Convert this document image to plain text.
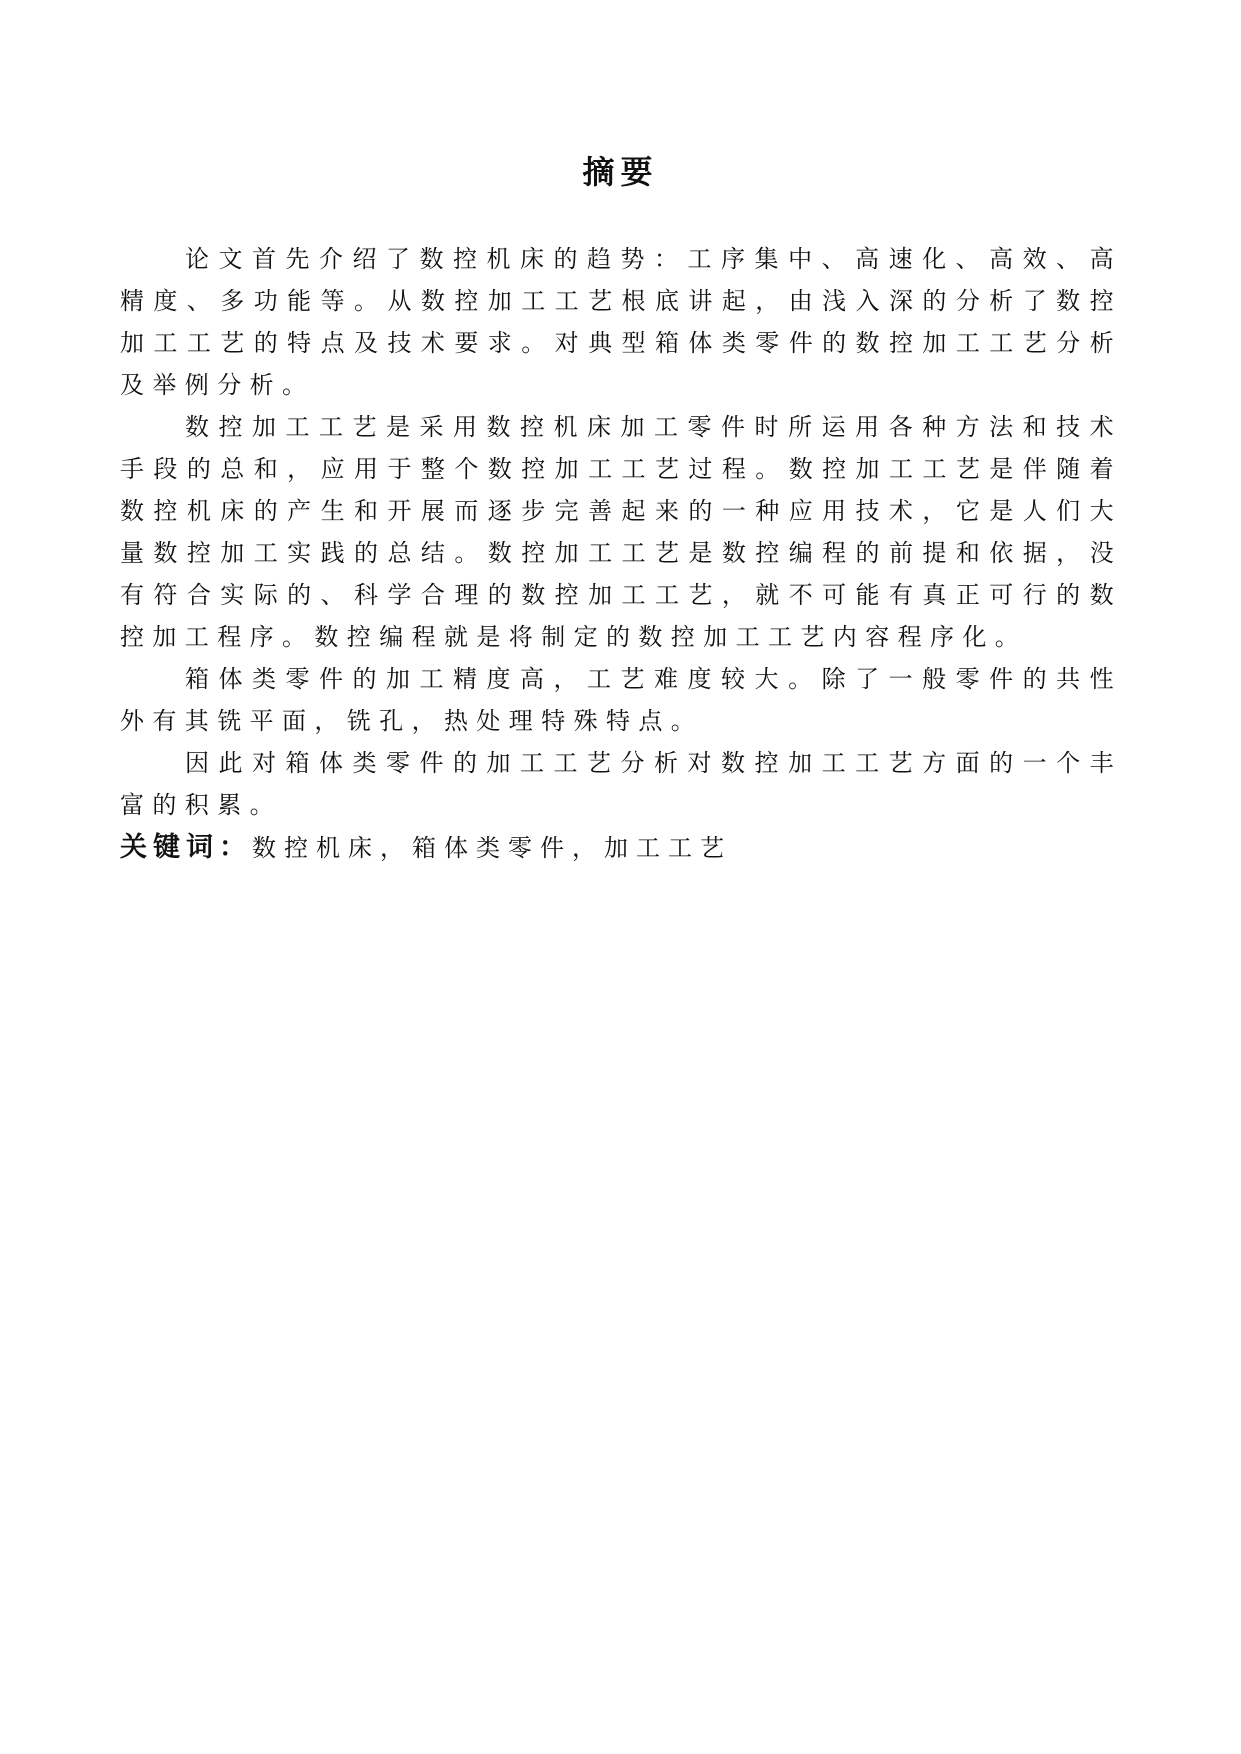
摘要

论文首先介绍了数控机床的趋势：工序集中、高速化、高效、高精度、多功能等。从数控加工工艺根底讲起，由浅入深的分析了数控加工工艺的特点及技术要求。对典型箱体类零件的数控加工工艺分析及举例分析。

数控加工工艺是采用数控机床加工零件时所运用各种方法和技术手段的总和，应用于整个数控加工工艺过程。数控加工工艺是伴随着数控机床的产生和开展而逐步完善起来的一种应用技术，它是人们大量数控加工实践的总结。数控加工工艺是数控编程的前提和依据，没有符合实际的、科学合理的数控加工工艺，就不可能有真正可行的数控加工程序。数控编程就是将制定的数控加工工艺内容程序化。

箱体类零件的加工精度高，工艺难度较大。除了一般零件的共性外有其铣平面，铣孔，热处理特殊特点。

因此对箱体类零件的加工工艺分析对数控加工工艺方面的一个丰富的积累。

关键词：数控机床，箱体类零件，加工工艺
